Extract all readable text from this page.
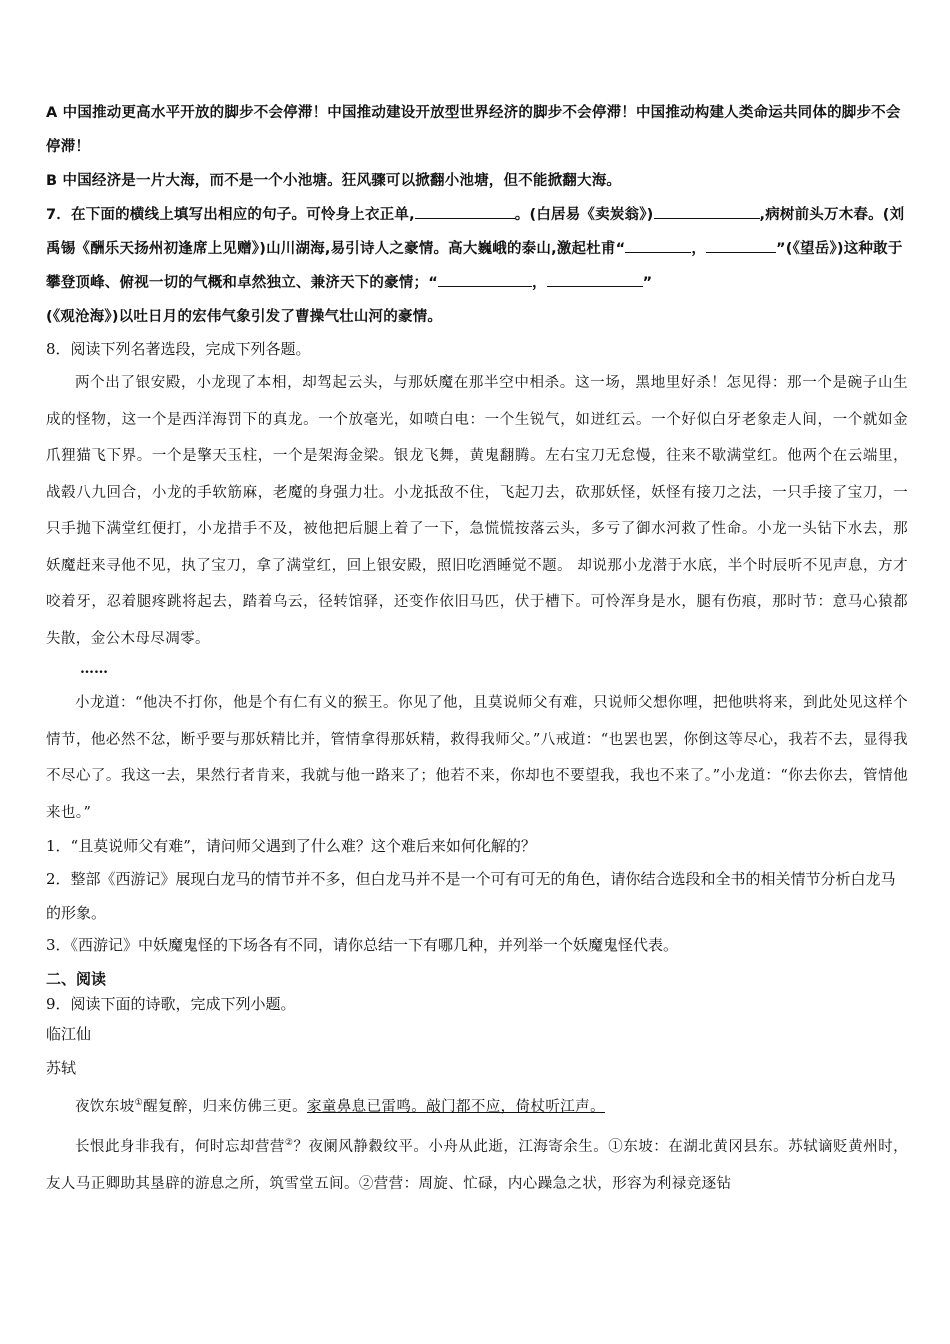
A 中国推动更高水平开放的脚步不会停滞！中国推动建设开放型世界经济的脚步不会停滞！中国推动构建人类命运共同体的脚步不会停滞！

B 中国经济是一片大海，而不是一个小池塘。狂风骤可以掀翻小池塘，但不能掀翻大海。

7．在下面的横线上填写出相应的句子。可怜身上衣正单,	。(白居易《卖炭翁》)	,病树前头万木春。(刘禹锡《酬乐天扬州初逢席上见赠》)山川湖海,易引诗人之豪情。高大巍峨的泰山,激起杜甫“	，	”(《望岳》)这种敢于攀登顶峰、俯视一切的气概和卓然独立、兼济天下的豪情；“	，	”
(《观沧海》)以吐日月的宏伟气象引发了曹操气壮山河的豪情。

8．阅读下列名著选段，完成下列各题。

两个出了银安殿，小龙现了本相，却驾起云头，与那妖魔在那半空中相杀。这一场，黑地里好杀！怎见得：那一个是碗子山生成的怪物，这一个是西洋海罚下的真龙。一个放毫光，如喷白电：一个生锐气，如迸红云。一个好似白牙老象走人间，一个就如金爪狸猫飞下界。一个是擎天玉柱，一个是架海金梁。银龙飞舞，黄鬼翻腾。左右宝刀无怠慢，往来不歇满堂红。他两个在云端里，战毂八九回合，小龙的手软筋麻，老魔的身强力壮。小龙抵敌不住，飞起刀去，砍那妖怪，妖怪有接刀之法，一只手接了宝刀，一只手抛下满堂红便打，小龙措手不及，被他把后腿上着了一下，急慌慌按落云头，多亏了御水河救了性命。小龙一头钻下水去，那妖魔赶来寻他不见，执了宝刀，拿了满堂红，回上银安殿，照旧吃酒睡觉不题。 却说那小龙潜于水底，半个时辰听不见声息，方才咬着牙，忍着腿疼跳将起去，踏着乌云，径转馆驿，还变作依旧马匹，伏于槽下。可怜浑身是水，腿有伤痕，那时节：意马心猿都失散，金公木母尽凋零。

……

小龙道：“他决不打你，他是个有仁有义的猴王。你见了他，且莫说师父有难，只说师父想你哩，把他哄将来，到此处见这样个情节，他必然不忿，断乎要与那妖精比并，管情拿得那妖精，救得我师父。”八戒道：“也罢也罢，你倒这等尽心，我若不去，显得我不尽心了。我这一去，果然行者肯来，我就与他一路来了；他若不来，你却也不要望我，我也不来了。”小龙道：“你去你去，管情他来也。”

1．“且莫说师父有难”，请问师父遇到了什么难？这个难后来如何化解的？

2．整部《西游记》展现白龙马的情节并不多，但白龙马并不是一个可有可无的角色，请你结合选段和全书的相关情节分析白龙马的形象。

3．《西游记》中妖魔鬼怪的下场各有不同，请你总结一下有哪几种，并列举一个妖魔鬼怪代表。

二、阅读

9．阅读下面的诗歌，完成下列小题。

临江仙

苏轼

夜饮东坡①醒复醉，归来仿佛三更。家童鼻息已雷鸣。敲门都不应，倚杖听江声。

长恨此身非我有，何时忘却营营②？夜阑风静縠纹平。小舟从此逝，江海寄余生。①东坡：在湖北黄冈县东。苏轼谪贬黄州时，友人马正卿助其垦辟的游息之所，筑雪堂五间。②营营：周旋、忙碌，内心躁急之状，形容为利禄竞逐钻
